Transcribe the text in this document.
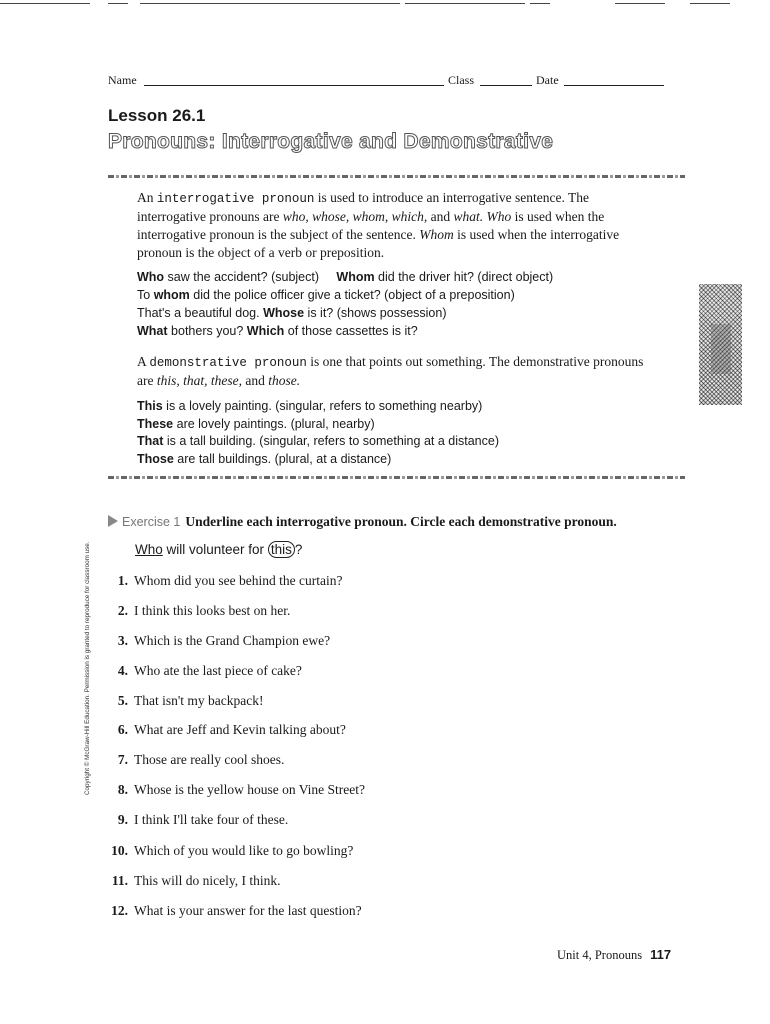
Name	Class	Date
Lesson 26.1
Pronouns: Interrogative and Demonstrative
An interrogative pronoun is used to introduce an interrogative sentence. The interrogative pronouns are who, whose, whom, which, and what. Who is used when the interrogative pronoun is the subject of the sentence. Whom is used when the interrogative pronoun is the object of a verb or preposition.
Who saw the accident? (subject)     Whom did the driver hit? (direct object)
To whom did the police officer give a ticket? (object of a preposition)
That's a beautiful dog. Whose is it? (shows possession)
What bothers you? Which of those cassettes is it?
A demonstrative pronoun is one that points out something. The demonstrative pronouns are this, that, these, and those.
This is a lovely painting. (singular, refers to something nearby)
These are lovely paintings. (plural, nearby)
That is a tall building. (singular, refers to something at a distance)
Those are tall buildings. (plural, at a distance)
Copyright © McGraw-Hill Education. Permission is granted to reproduce for classroom use.
Exercise 1 Underline each interrogative pronoun. Circle each demonstrative pronoun.
Who will volunteer for this ?
1. Whom did you see behind the curtain?
2. I think this looks best on her.
3. Which is the Grand Champion ewe?
4. Who ate the last piece of cake?
5. That isn't my backpack!
6. What are Jeff and Kevin talking about?
7. Those are really cool shoes.
8. Whose is the yellow house on Vine Street?
9. I think I'll take four of these.
10. Which of you would like to go bowling?
11. This will do nicely, I think.
12. What is your answer for the last question?
Unit 4, Pronouns 117
